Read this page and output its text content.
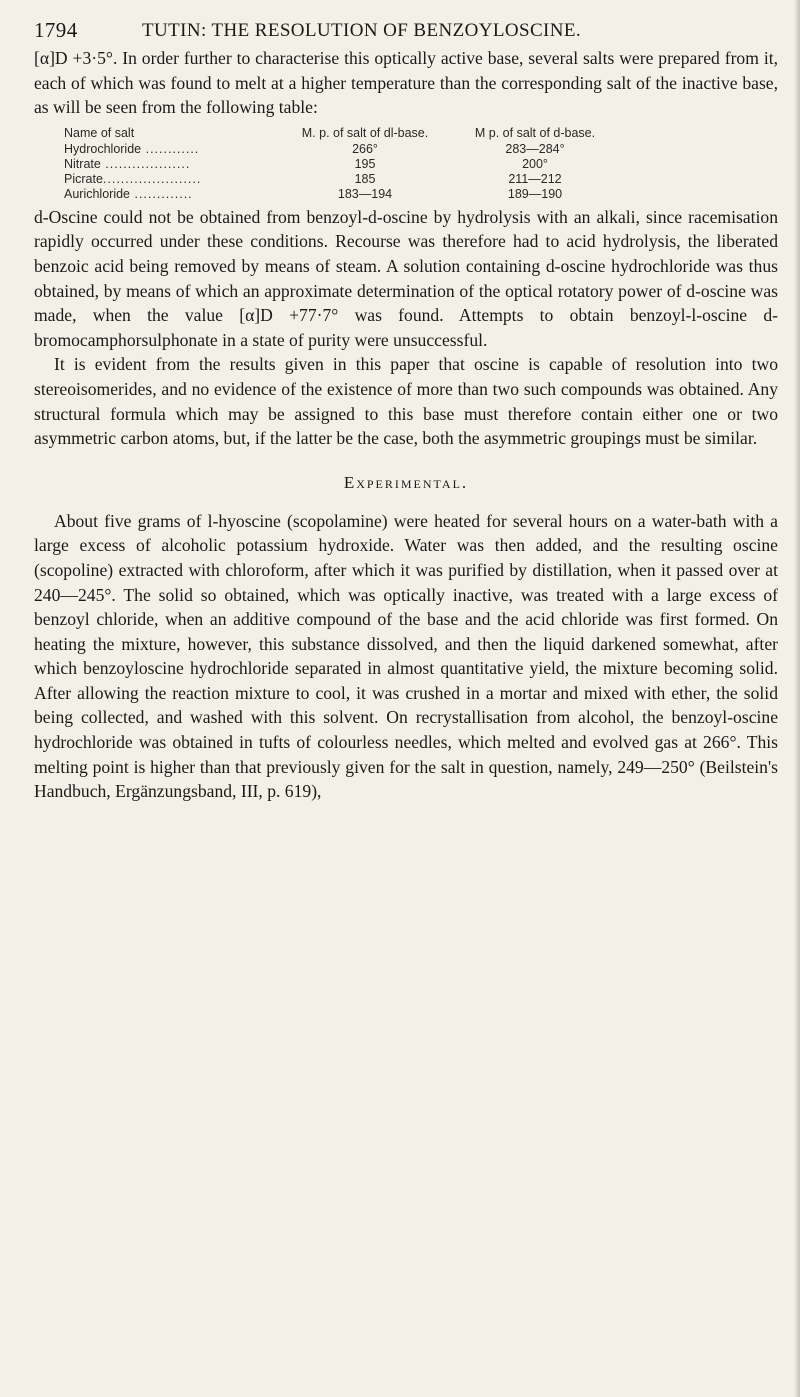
1794	TUTIN: THE RESOLUTION OF BENZOYLOSCINE.

[α]D +3·5°. In order further to characterise this optically active base, several salts were prepared from it, each of which was found to melt at a higher temperature than the corresponding salt of the inactive base, as will be seen from the following table:

Name of salt	M. p. of salt of dl-base.	M p. of salt of d-base.
Hydrochloride ............	266°	283—284°
Nitrate ...................	195	200°
Picrate......................	185	211—212
Aurichloride .............	183—194	189—190

d-Oscine could not be obtained from benzoyl-d-oscine by hydrolysis with an alkali, since racemisation rapidly occurred under these conditions. Recourse was therefore had to acid hydrolysis, the liberated benzoic acid being removed by means of steam. A solution containing d-oscine hydrochloride was thus obtained, by means of which an approximate determination of the optical rotatory power of d-oscine was made, when the value [α]D +77·7° was found. Attempts to obtain benzoyl-l-oscine d-bromocamphorsulphonate in a state of purity were unsuccessful.

It is evident from the results given in this paper that oscine is capable of resolution into two stereoisomerides, and no evidence of the existence of more than two such compounds was obtained. Any structural formula which may be assigned to this base must therefore contain either one or two asymmetric carbon atoms, but, if the latter be the case, both the asymmetric groupings must be similar.

Experimental.

About five grams of l-hyoscine (scopolamine) were heated for several hours on a water-bath with a large excess of alcoholic potassium hydroxide. Water was then added, and the resulting oscine (scopoline) extracted with chloroform, after which it was purified by distillation, when it passed over at 240—245°. The solid so obtained, which was optically inactive, was treated with a large excess of benzoyl chloride, when an additive compound of the base and the acid chloride was first formed. On heating the mixture, however, this substance dissolved, and then the liquid darkened somewhat, after which benzoyloscine hydrochloride separated in almost quantitative yield, the mixture becoming solid. After allowing the reaction mixture to cool, it was crushed in a mortar and mixed with ether, the solid being collected, and washed with this solvent. On recrystallisation from alcohol, the benzoyl-oscine hydrochloride was obtained in tufts of colourless needles, which melted and evolved gas at 266°. This melting point is higher than that previously given for the salt in question, namely, 249—250° (Beilstein's Handbuch, Ergänzungsband, III, p. 619),
